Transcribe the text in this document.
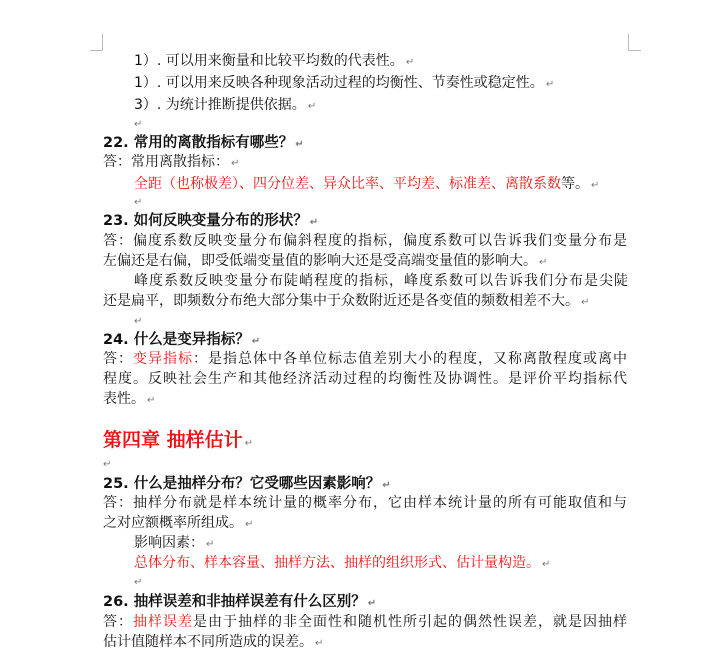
1）. 可以用来衡量和比较平均数的代表性。 ↵
1）. 可以用来反映各种现象活动过程的均衡性、节奏性或稳定性。 ↵
3）. 为统计推断提供依据。 ↵
↵
22. 常用的离散指标有哪些？ ↵
答：常用离散指标： ↵
全距（也称极差）、四分位差、异众比率、平均差、标准差、离散系数等。 ↵
↵
23. 如何反映变量分布的形状？ ↵
答：偏度系数反映变量分布偏斜程度的指标，偏度系数可以告诉我们变量分布是
左偏还是右偏，即受低端变量值的影响大还是受高端变量值的影响大。 ↵
峰度系数反映变量分布陡峭程度的指标，峰度系数可以告诉我们分布是尖陡
还是扁平，即频数分布绝大部分集中于众数附近还是各变值的频数相差不大。 ↵
↵
24. 什么是变异指标？ ↵
答：变异指标：是指总体中各单位标志值差别大小的程度，又称离散程度或离中
程度。反映社会生产和其他经济活动过程的均衡性及协调性。是评价平均指标代
表性。 ↵
第四章 抽样估计 ↵
↵
25. 什么是抽样分布？它受哪些因素影响？ ↵
答：抽样分布就是样本统计量的概率分布，它由样本统计量的所有可能取值和与
之对应额概率所组成。 ↵
影响因素： ↵
总体分布、样本容量、抽样方法、抽样的组织形式、估计量构造。 ↵
↵
26. 抽样误差和非抽样误差有什么区别？ ↵
答：抽样误差是由于抽样的非全面性和随机性所引起的偶然性误差，就是因抽样
估计值随样本不同所造成的误差。 ↵
